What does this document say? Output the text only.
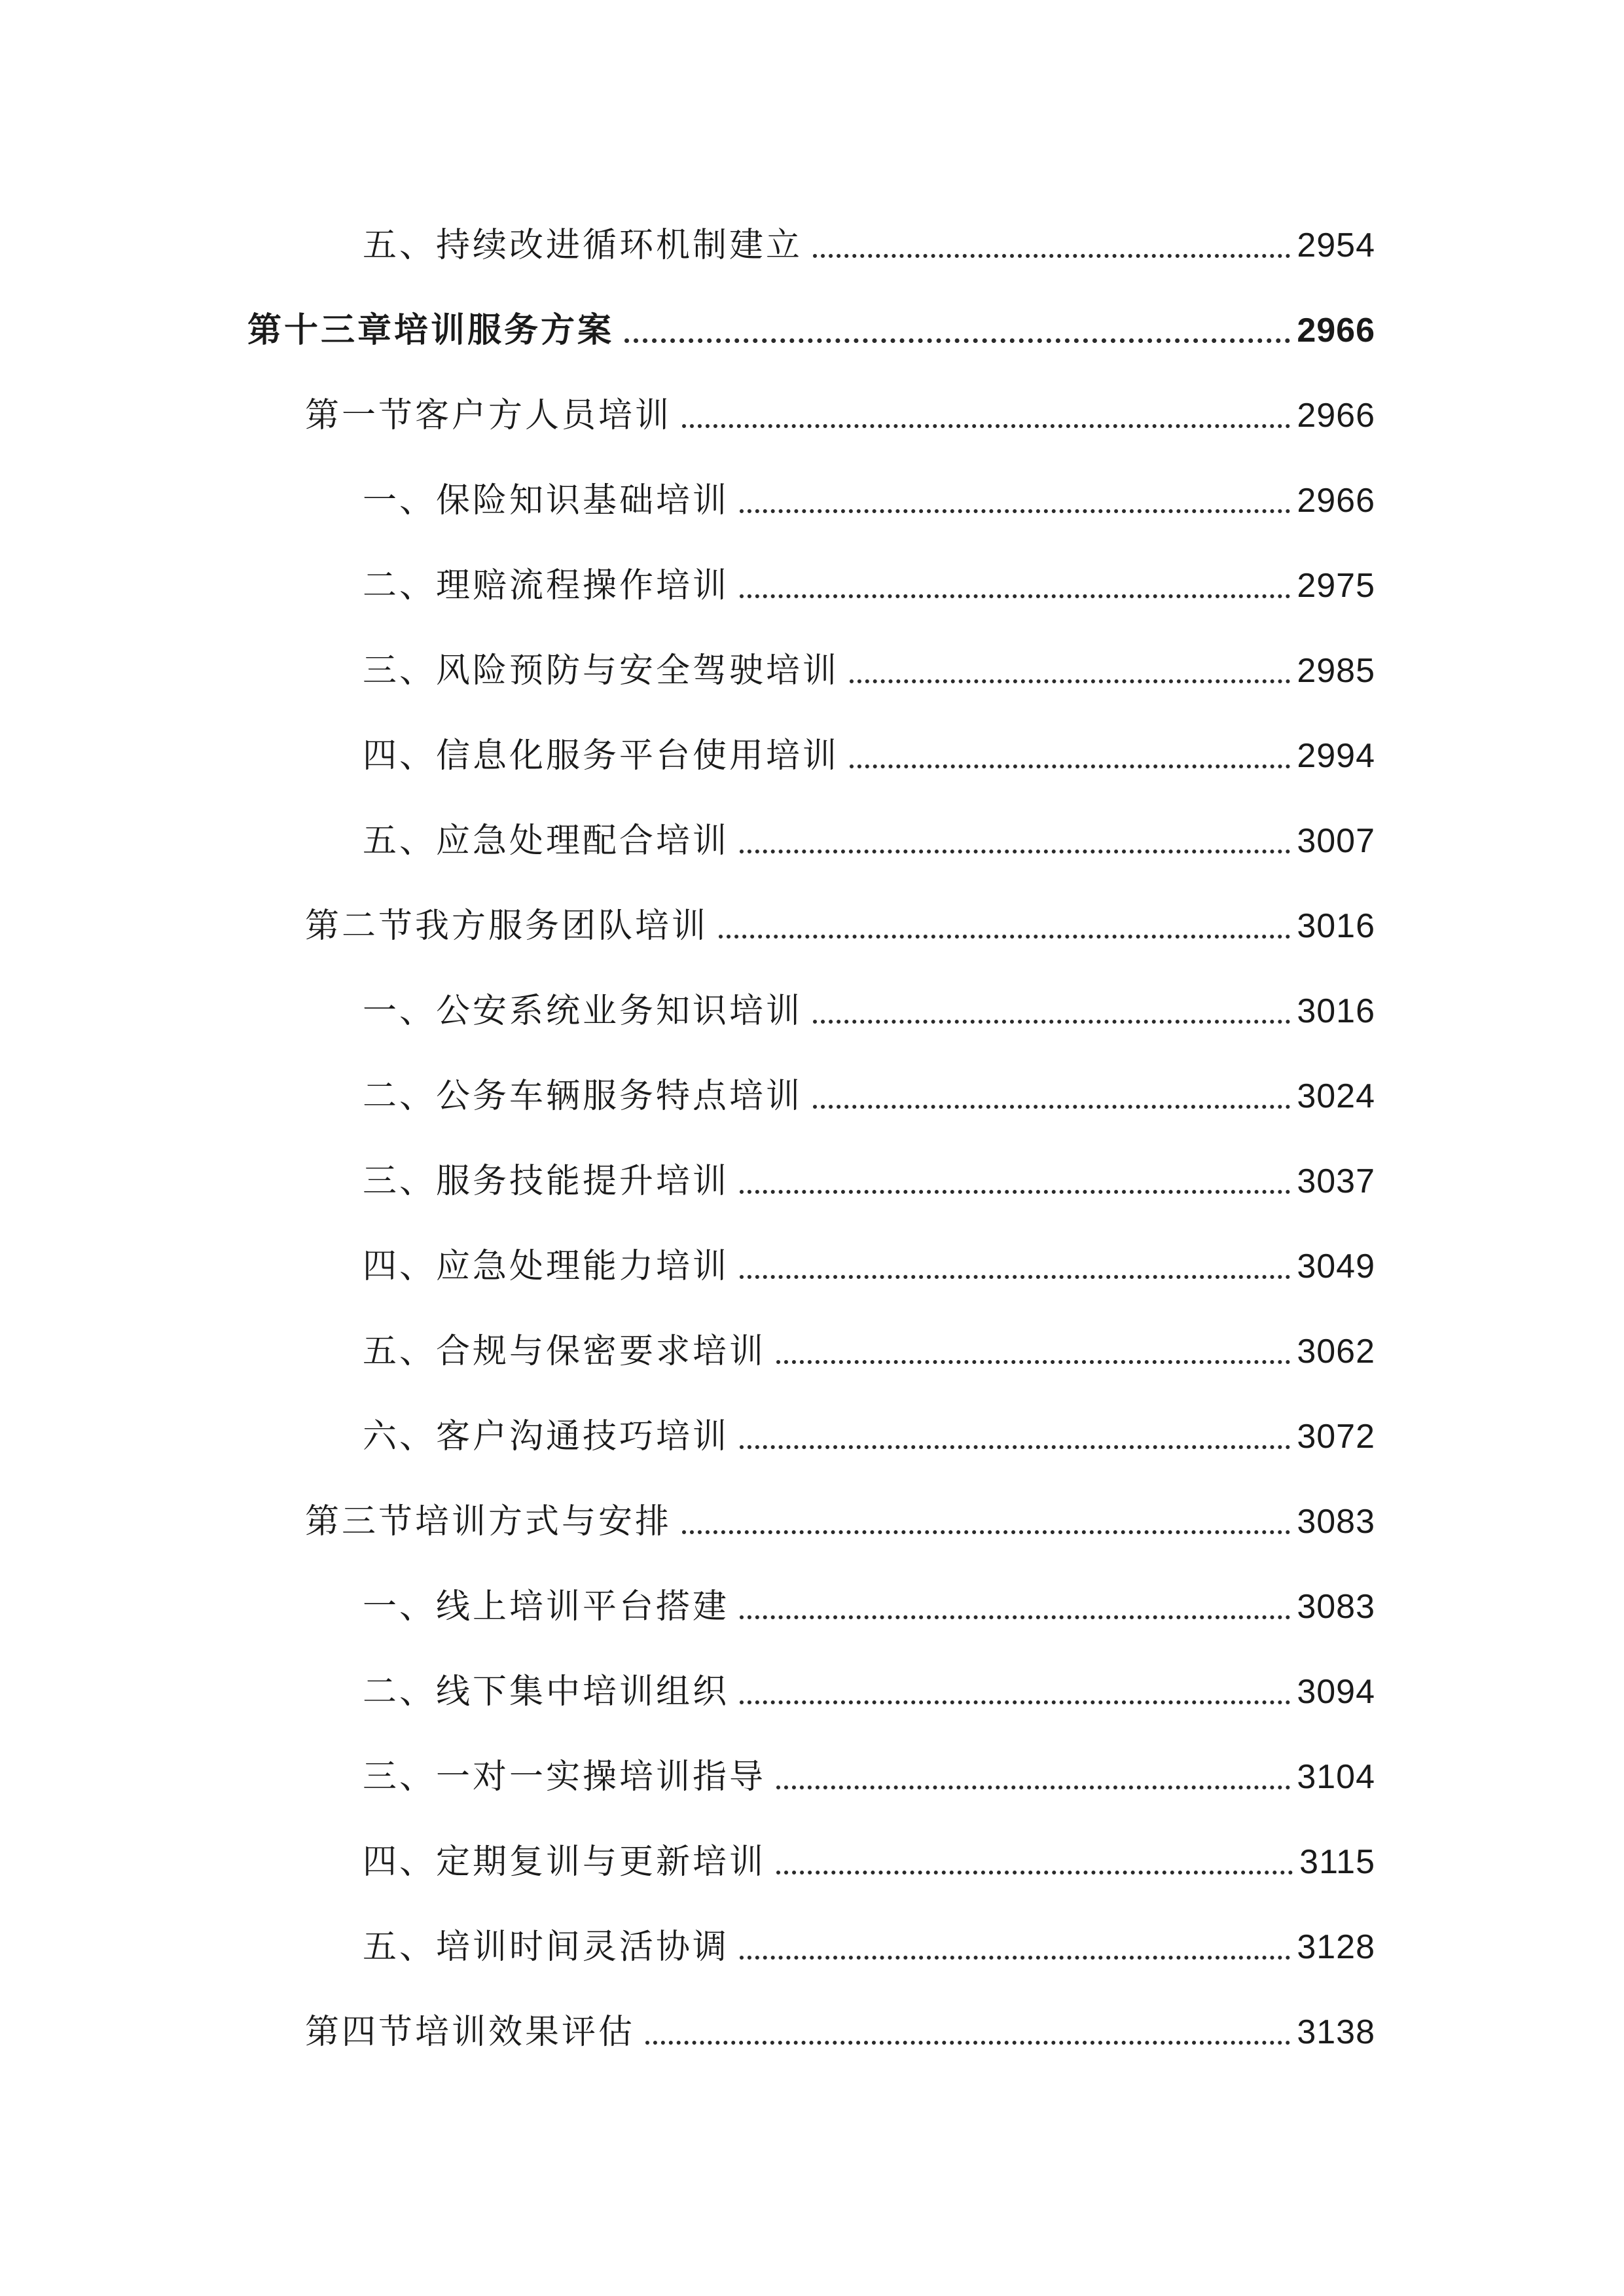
五、持续改进循环机制建立	2954
第十三章培训服务方案	2966
第一节客户方人员培训	2966
一、保险知识基础培训	2966
二、理赔流程操作培训	2975
三、风险预防与安全驾驶培训	2985
四、信息化服务平台使用培训	2994
五、应急处理配合培训	3007
第二节我方服务团队培训	3016
一、公安系统业务知识培训	3016
二、公务车辆服务特点培训	3024
三、服务技能提升培训	3037
四、应急处理能力培训	3049
五、合规与保密要求培训	3062
六、客户沟通技巧培训	3072
第三节培训方式与安排	3083
一、线上培训平台搭建	3083
二、线下集中培训组织	3094
三、一对一实操培训指导	3104
四、定期复训与更新培训	3115
五、培训时间灵活协调	3128
第四节培训效果评估	3138
